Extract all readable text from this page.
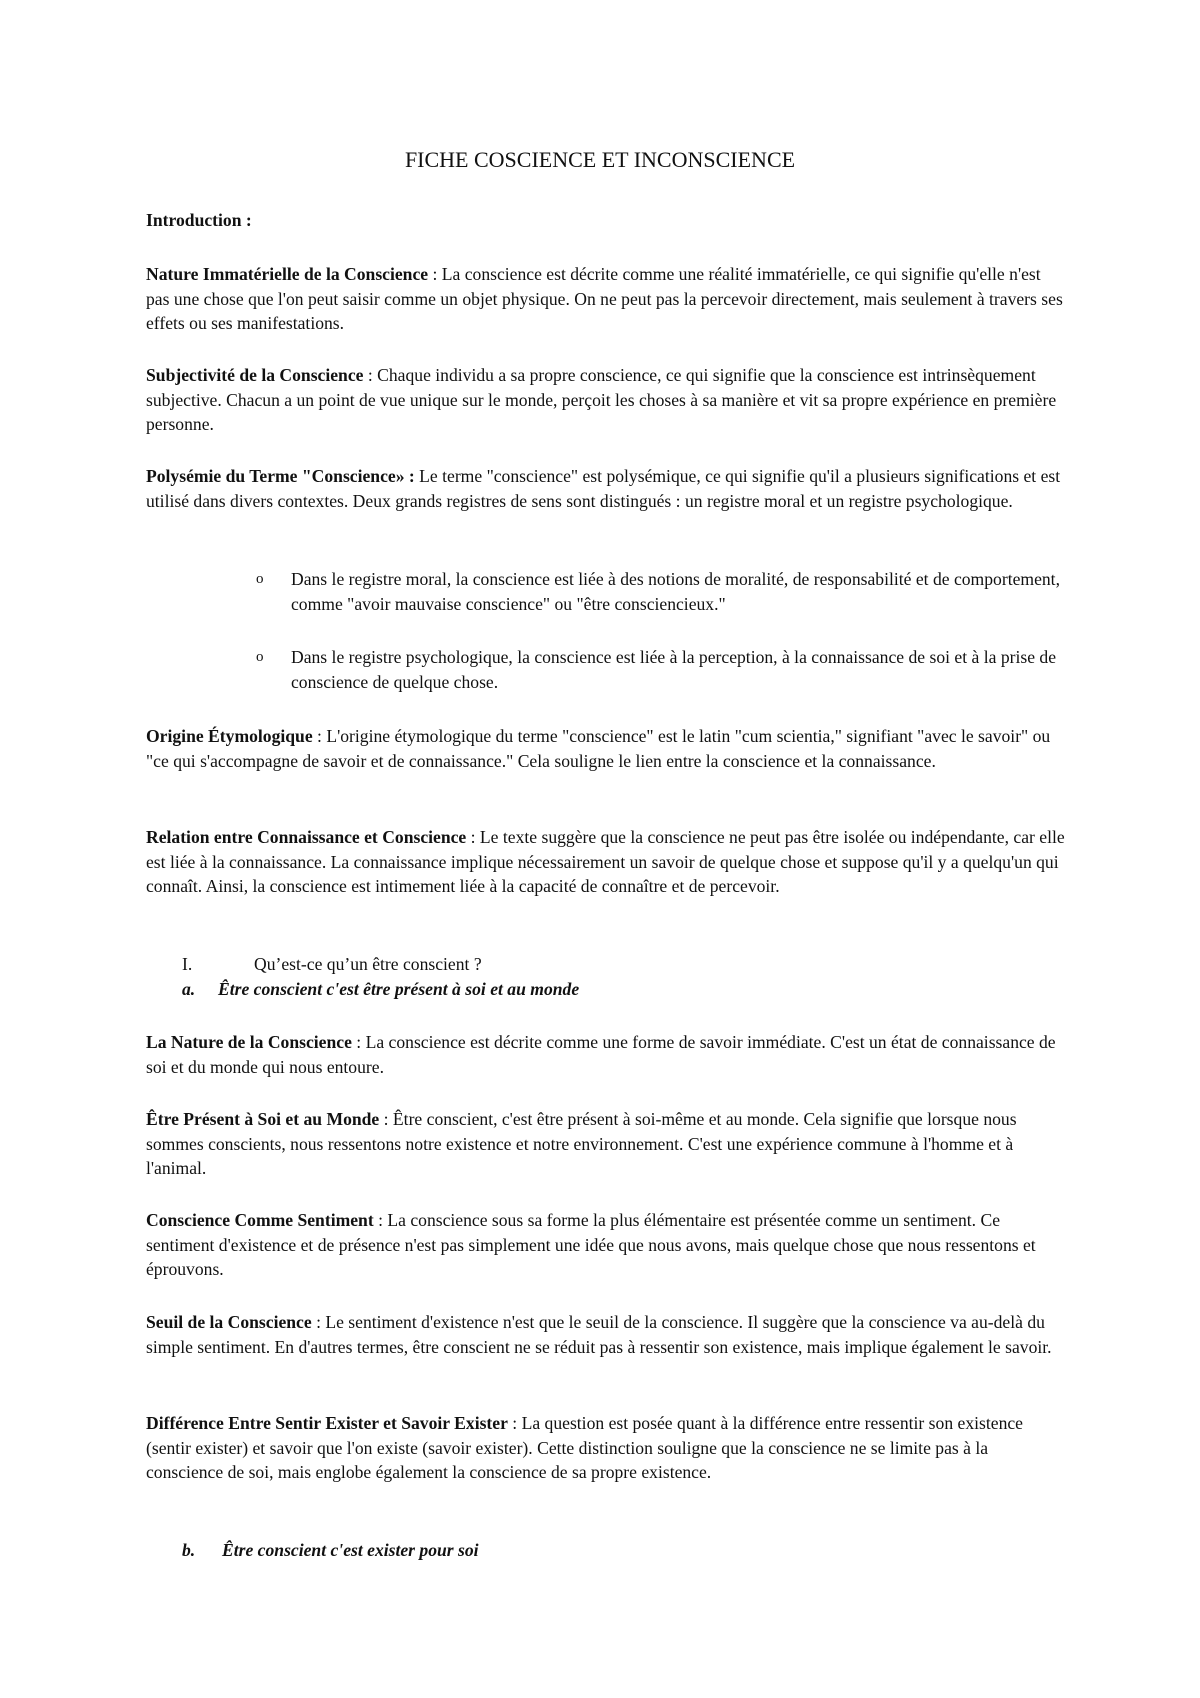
FICHE COSCIENCE ET INCONSCIENCE

Introduction :

Nature Immatérielle de la Conscience : La conscience est décrite comme une réalité immatérielle, ce qui signifie qu'elle n'est pas une chose que l'on peut saisir comme un objet physique. On ne peut pas la percevoir directement, mais seulement à travers ses effets ou ses manifestations.

Subjectivité de la Conscience : Chaque individu a sa propre conscience, ce qui signifie que la conscience est intrinsèquement subjective. Chacun a un point de vue unique sur le monde, perçoit les choses à sa manière et vit sa propre expérience en première personne.

Polysémie du Terme "Conscience» : Le terme "conscience" est polysémique, ce qui signifie qu'il a plusieurs significations et est utilisé dans divers contextes. Deux grands registres de sens sont distingués : un registre moral et un registre psychologique.

o Dans le registre moral, la conscience est liée à des notions de moralité, de responsabilité et de comportement, comme "avoir mauvaise conscience" ou "être consciencieux."
o Dans le registre psychologique, la conscience est liée à la perception, à la connaissance de soi et à la prise de conscience de quelque chose.

Origine Étymologique : L'origine étymologique du terme "conscience" est le latin "cum scientia," signifiant "avec le savoir" ou "ce qui s'accompagne de savoir et de connaissance." Cela souligne le lien entre la conscience et la connaissance.

Relation entre Connaissance et Conscience : Le texte suggère que la conscience ne peut pas être isolée ou indépendante, car elle est liée à la connaissance. La connaissance implique nécessairement un savoir de quelque chose et suppose qu'il y a quelqu'un qui connaît. Ainsi, la conscience est intimement liée à la capacité de connaître et de percevoir.

I.	Qu’est-ce qu’un être conscient ?
a. Être conscient c'est être présent à soi et au monde

La Nature de la Conscience : La conscience est décrite comme une forme de savoir immédiate. C'est un état de connaissance de soi et du monde qui nous entoure.

Être Présent à Soi et au Monde : Être conscient, c'est être présent à soi-même et au monde. Cela signifie que lorsque nous sommes conscients, nous ressentons notre existence et notre environnement. C'est une expérience commune à l'homme et à l'animal.

Conscience Comme Sentiment : La conscience sous sa forme la plus élémentaire est présentée comme un sentiment. Ce sentiment d'existence et de présence n'est pas simplement une idée que nous avons, mais quelque chose que nous ressentons et éprouvons.

Seuil de la Conscience : Le sentiment d'existence n'est que le seuil de la conscience. Il suggère que la conscience va au-delà du simple sentiment. En d'autres termes, être conscient ne se réduit pas à ressentir son existence, mais implique également le savoir.

Différence Entre Sentir Exister et Savoir Exister : La question est posée quant à la différence entre ressentir son existence (sentir exister) et savoir que l'on existe (savoir exister). Cette distinction souligne que la conscience ne se limite pas à la conscience de soi, mais englobe également la conscience de sa propre existence.

b. Être conscient c'est exister pour soi
